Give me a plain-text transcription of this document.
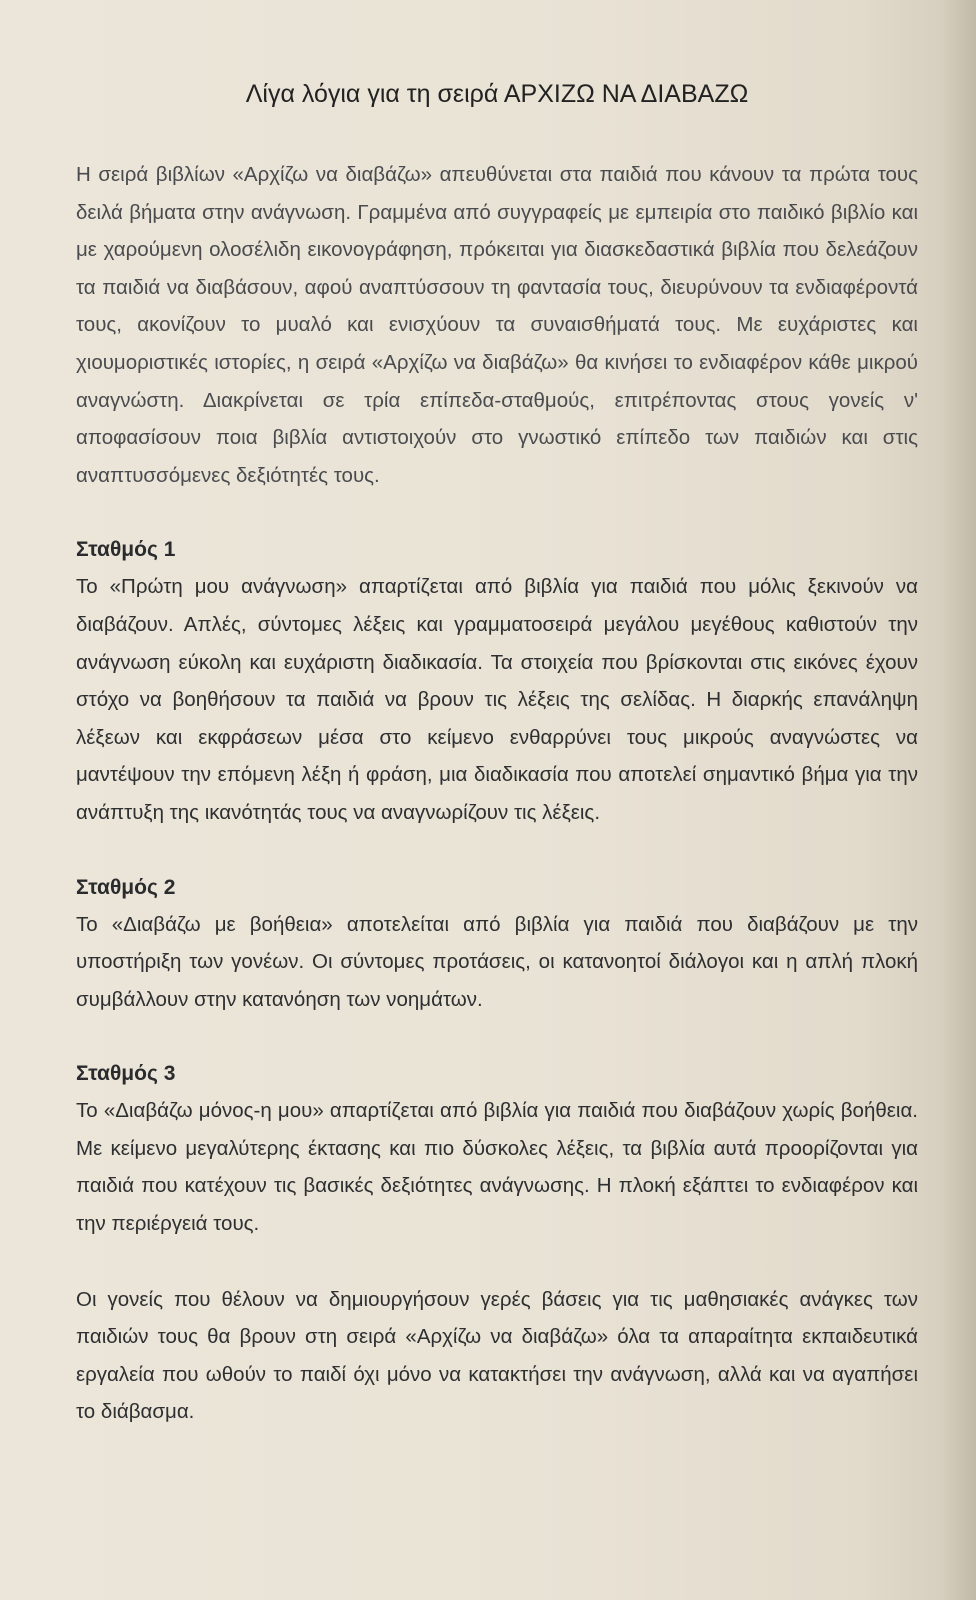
Λίγα λόγια για τη σειρά ΑΡΧΙΖΩ ΝΑ ΔΙΑΒΑΖΩ

Η σειρά βιβλίων «Αρχίζω να διαβάζω» απευθύνεται στα παιδιά που κάνουν τα πρώτα τους δειλά βήματα στην ανάγνωση. Γραμμένα από συγγραφείς με εμπειρία στο παιδικό βιβλίο και με χαρούμενη ολοσέλιδη εικονογράφηση, πρόκειται για διασκεδαστικά βιβλία που δελεάζουν τα παιδιά να διαβάσουν, αφού αναπτύσσουν τη φαντασία τους, διευρύνουν τα ενδιαφέροντά τους, ακονίζουν το μυαλό και ενισχύουν τα συναισθήματά τους. Με ευχάριστες και χιουμοριστικές ιστορίες, η σειρά «Αρχίζω να διαβάζω» θα κινήσει το ενδιαφέρον κάθε μικρού αναγνώστη. Διακρίνεται σε τρία επίπεδα-σταθμούς, επιτρέποντας στους γονείς ν' αποφασίσουν ποια βιβλία αντιστοιχούν στο γνωστικό επίπεδο των παιδιών και στις αναπτυσσόμενες δεξιότητές τους.

Σταθμός 1

Το «Πρώτη μου ανάγνωση» απαρτίζεται από βιβλία για παιδιά που μόλις ξεκινούν να διαβάζουν. Απλές, σύντομες λέξεις και γραμματοσειρά μεγάλου μεγέθους καθιστούν την ανάγνωση εύκολη και ευχάριστη διαδικασία. Τα στοιχεία που βρίσκονται στις εικόνες έχουν στόχο να βοηθήσουν τα παιδιά να βρουν τις λέξεις της σελίδας. Η διαρκής επανάληψη λέξεων και εκφράσεων μέσα στο κείμενο ενθαρρύνει τους μικρούς αναγνώστες να μαντέψουν την επόμενη λέξη ή φράση, μια διαδικασία που αποτελεί σημαντικό βήμα για την ανάπτυξη της ικανότητάς τους να αναγνωρίζουν τις λέξεις.

Σταθμός 2

Το «Διαβάζω με βοήθεια» αποτελείται από βιβλία για παιδιά που διαβάζουν με την υποστήριξη των γονέων. Οι σύντομες προτάσεις, οι κατανοητοί διάλογοι και η απλή πλοκή συμβάλλουν στην κατανόηση των νοημάτων.

Σταθμός 3

Το «Διαβάζω μόνος-η μου» απαρτίζεται από βιβλία για παιδιά που διαβάζουν χωρίς βοήθεια. Με κείμενο μεγαλύτερης έκτασης και πιο δύσκολες λέξεις, τα βιβλία αυτά προορίζονται για παιδιά που κατέχουν τις βασικές δεξιότητες ανάγνωσης. Η πλοκή εξάπτει το ενδιαφέρον και την περιέργειά τους.

Οι γονείς που θέλουν να δημιουργήσουν γερές βάσεις για τις μαθησιακές ανάγκες των παιδιών τους θα βρουν στη σειρά «Αρχίζω να διαβάζω» όλα τα απαραίτητα εκπαιδευτικά εργαλεία που ωθούν το παιδί όχι μόνο να κατακτήσει την ανάγνωση, αλλά και να αγαπήσει το διάβασμα.
